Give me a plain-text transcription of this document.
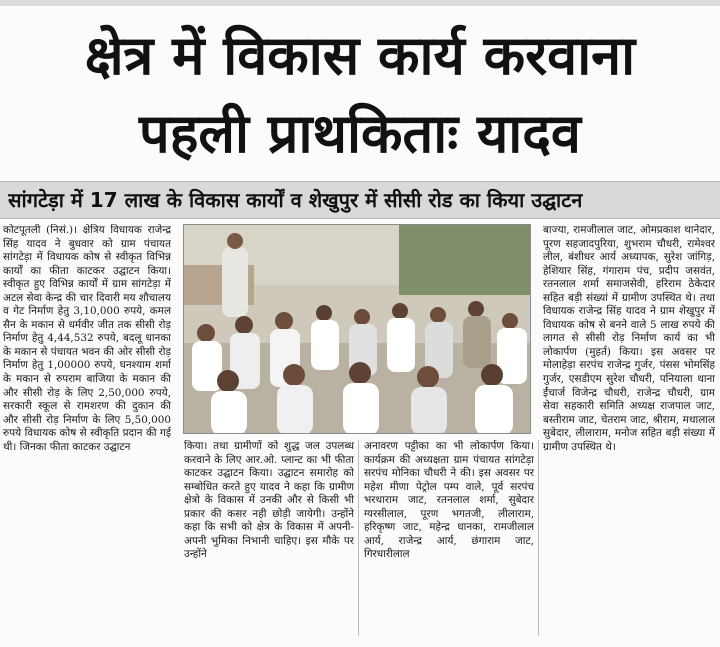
क्षेत्र में विकास कार्य करवाना
पहली प्राथकिताः यादव
सांगटेड़ा में 17 लाख के विकास कार्यों व शेखुपुर में सीसी रोड का किया उद्घाटन
कोटपूतली (निसं.)। क्षेत्रिय विधायक राजेन्द्र सिंह यादव ने बुधवार को ग्राम पंचायत सांगटेड़ा में विधायक कोष से स्वीकृत विभिन्न कार्यों का फीता काटकर उद्घाटन किया। स्वीकृत हुए विभिन्न कार्यों में ग्राम सांगटेड़ा में अटल सेवा केन्द्र की चार दिवारी मय शौचालय व गेट निर्माण हेतु 3,10,000 रुपये, कमल सैन के मकान से धर्मवीर जीत तक सीसी रोड़ निर्माण हेतु 4,44,532 रुपये, बदलू धानका के मकान से पंचायत भवन की ओर सीसी रोड़ निर्माण हेतु 1,00000 रुपये, घनश्याम शर्मा के मकान से रुपराम बाजिया के मकान की और सीसी रोड़ के लिए 2,50,000 रुपये, सरकारी स्कूल से रामशरण की दुकान की और सीसी रोड़ निर्माण के लिए 5,50,000 रुपये विधायक कोष से स्वीकृति प्रदान की गई थी। जिनका फीता काटकर उद्घाटन	किया। तथा ग्रामीणों को शुद्ध जल उपलब्ध करवाने के लिए आर.ओ. प्लान्ट का भी फीता काटकर उद्घाटन किया। उद्घाटन समारोह को सम्बोधित करते हुए यादव ने कहा कि ग्रामीण क्षेत्रो के विकास में उनकी और से किसी भी प्रकार की कसर नही छोड़ी जायेगी। उन्होंने कहा कि सभी को क्षेत्र के विकास में अपनी-अपनी भुमिका निभानी चाहिए। इस मौके पर उन्होंने
अनावरण पट्टीका का भी लोकार्पण किया। कार्यक्रम की अध्यक्षता ग्राम पंचायत सांगटेड़ा सरपंच मोनिका चौधरी ने की। इस अवसर पर महेश मीणा पेट्रोल पम्प वाले, पूर्व सरपंच भरथाराम जाट, रतनलाल शर्मा, सुबेदार ग्यरसीलाल, पूरण भगतजी, लीलाराम, हरिकृष्ण जाट, महेन्द्र धानका, रामजीलाल आर्य, राजेन्द्र आर्य, छंगाराम जाट, गिरधारीलाल
बाज्या, रामजीलाल जाट, ओमप्रकाश थानेदार, पूरण सहजादपुरिया, शुभराम चौधरी, रामेश्वर लील, बंशीधर आर्य अध्यापक, सुरेश जांगिड़, हेशियार सिंह, गंगाराम पंच, प्रदीप जसवंत, रतनलाल शर्मा समाजसेवी, हरिराम ठेकेदार सहित बड़ी संख्यां में ग्रामीण उपस्थित थे। तथा विधायक राजेन्द्र सिंह यादव ने ग्राम शेखुपुर में विधायक कोष से बनने वाले 5 लाख रुपये की लागत से सीसी रोड़ निर्माण कार्य का भी लोकार्पण (मुहर्त) किया। इस अवसर पर मोलाहेड़ा सरपंच राजेन्द्र गुर्जर, पंसस भोमसिंह गुर्जर, एसडीएम सुरेश चौधरी, पनियाला थाना ईंचार्ज विजेन्द्र चौधरी, राजेन्द्र चौधरी, ग्राम सेवा सहकारी समिति अध्यक्ष राजपाल जाट, बस्तीराम जाट, चेतराम जाट, श्रीराम, मथालाल सुबेदार, लीलाराम, मनोज सहित बड़ी संख्या में ग्रामीण उपस्थित थे।
